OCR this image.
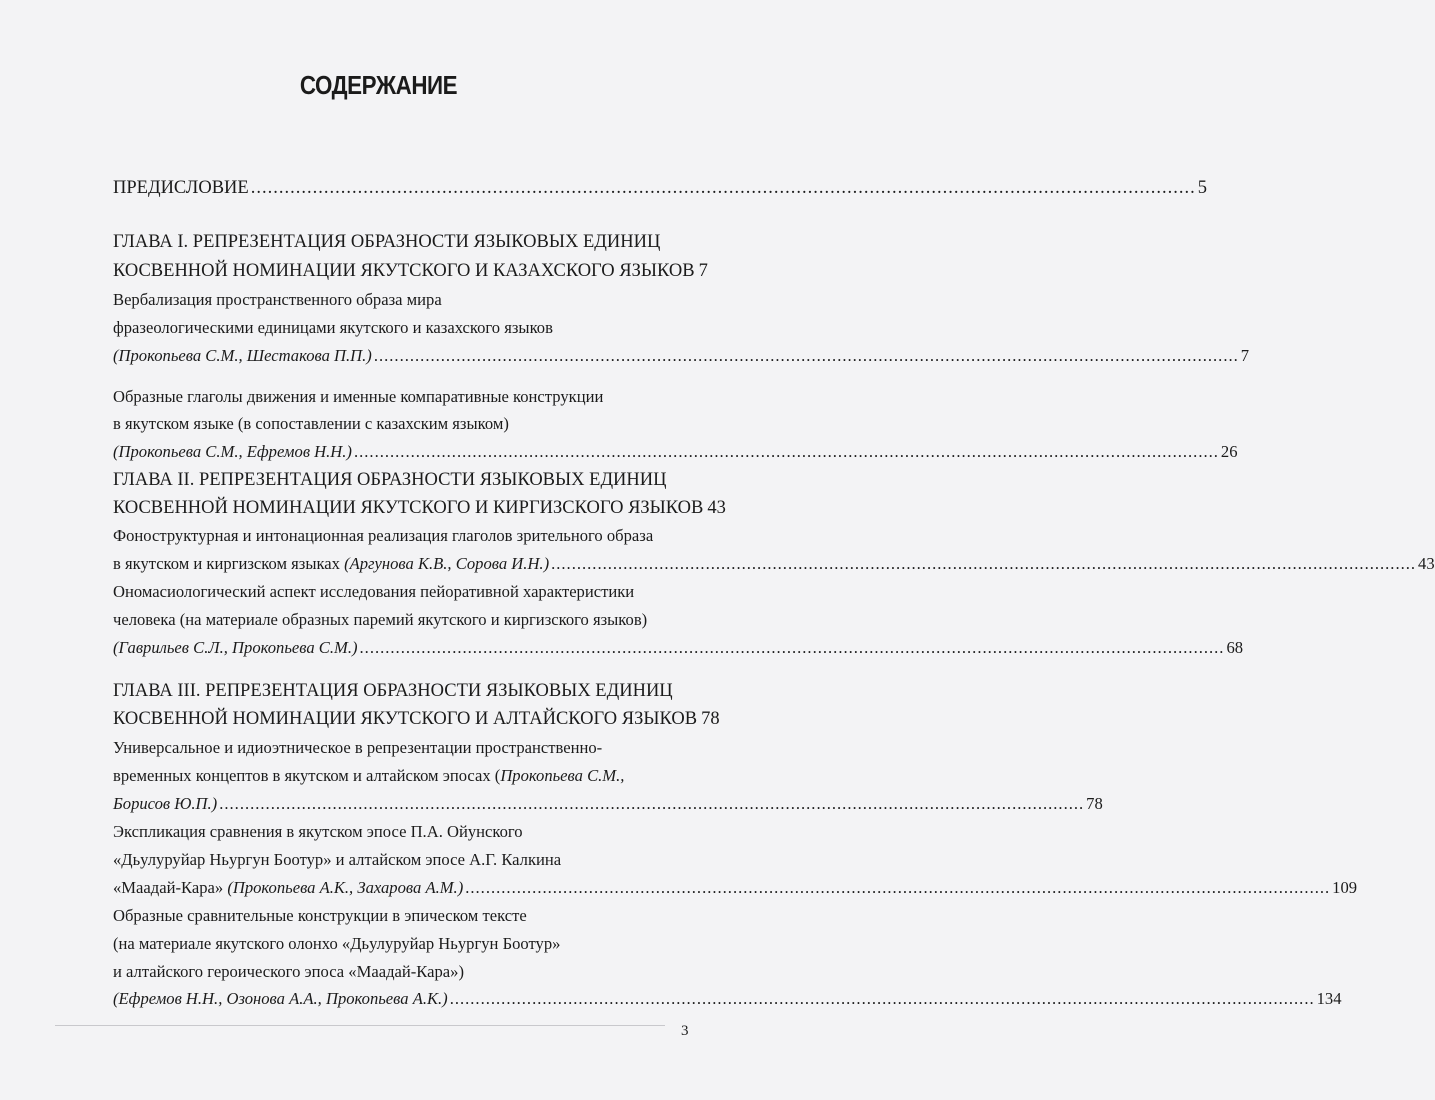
СОДЕРЖАНИЕ
ПРЕДИСЛОВИЕ .....	5
ГЛАВА I. РЕПРЕЗЕНТАЦИЯ ОБРАЗНОСТИ ЯЗЫКОВЫХ ЕДИНИЦ
КОСВЕННОЙ НОМИНАЦИИ ЯКУТСКОГО И КАЗАХСКОГО ЯЗЫКОВ 7
Вербализация пространственного образа мира
фразеологическими единицами якутского и казахского языков
(Прокопьева С.М., Шестакова П.П.) .....	7
Образные глаголы движения и именные компаративные конструкции
в якутском языке (в сопоставлении с казахским языком)
(Прокопьева С.М., Ефремов Н.Н.) .....	26
ГЛАВА II. РЕПРЕЗЕНТАЦИЯ ОБРАЗНОСТИ ЯЗЫКОВЫХ ЕДИНИЦ
КОСВЕННОЙ НОМИНАЦИИ ЯКУТСКОГО И КИРГИЗСКОГО ЯЗЫКОВ 43
Фоноструктурная и интонационная реализация глаголов зрительного образа
в якутском и киргизском языках (Аргунова К.В., Сорова И.Н.) .....	43
Ономасиологический аспект исследования пейоративной характеристики
человека (на материале образных паремий якутского и киргизского языков)
(Гаврильев С.Л., Прокопьева С.М.) .....	68
ГЛАВА III. РЕПРЕЗЕНТАЦИЯ ОБРАЗНОСТИ ЯЗЫКОВЫХ ЕДИНИЦ
КОСВЕННОЙ НОМИНАЦИИ ЯКУТСКОГО И АЛТАЙСКОГО ЯЗЫКОВ 78
Универсальное и идиоэтническое в репрезентации пространственно-
временных концептов в якутском и алтайском эпосах ( Прокопьева С.М.,
Борисов Ю.П.) .....	78
Экспликация сравнения в якутском эпосе П.А. Ойунского
«Дьулуруйар Ньургун Боотур» и алтайском эпосе А.Г. Калкина
«Маадай-Кара» (Прокопьева А.К., Захарова А.М.) .....	109
Образные сравнительные конструкции в эпическом тексте
(на материале якутского олонхо «Дьулуруйар Ньургун Боотур»
и алтайского героического эпоса «Маадай-Кара»)
(Ефремов Н.Н., Озонова А.А., Прокопьева А.К.) .....	134
3
